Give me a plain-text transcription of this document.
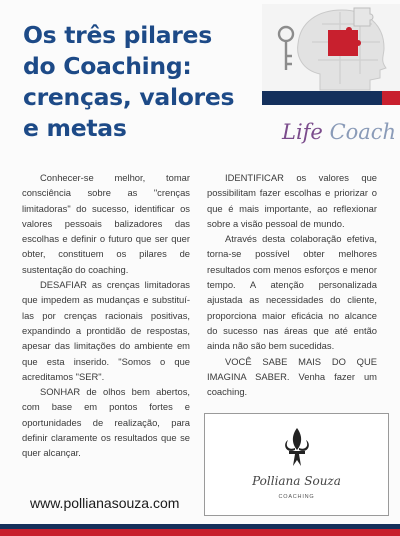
Os três pilares
do Coaching:
crenças, valores
e metas	Life Coach

Conhecer-se melhor, tomar consciência sobre as "crenças limitadoras" do sucesso, identificar os valores pessoais balizadores das escolhas e definir o futuro que ser quer obter, constituem os pilares de sustentação do coaching.

DESAFIAR as crenças limitadoras que impedem as mudanças e substituí-las por crenças racionais positivas, expandindo a prontidão de respostas, apesar das limitações do ambiente em que esta inserido. "Somos o que acreditamos "SER".

SONHAR de olhos bem abertos, com base em pontos fortes e oportunidades de realização, para definir claramente os resultados que se quer alcançar.

IDENTIFICAR os valores que possibilitam fazer escolhas e priorizar o que é mais importante, ao reflexionar sobre a visão pessoal de mundo.

Através desta colaboração efetiva, torna-se possível obter melhores resultados com menos esforços e menor tempo. A atenção personalizada ajustada as necessidades do cliente, proporciona maior eficácia no alcance do sucesso nas áreas que até então ainda não são bem sucedidas.

VOCÊ SABE MAIS DO QUE IMAGINA SABER. Venha fazer um coaching.

Polliana Souza
COACHING
www.pollianasouza.com
